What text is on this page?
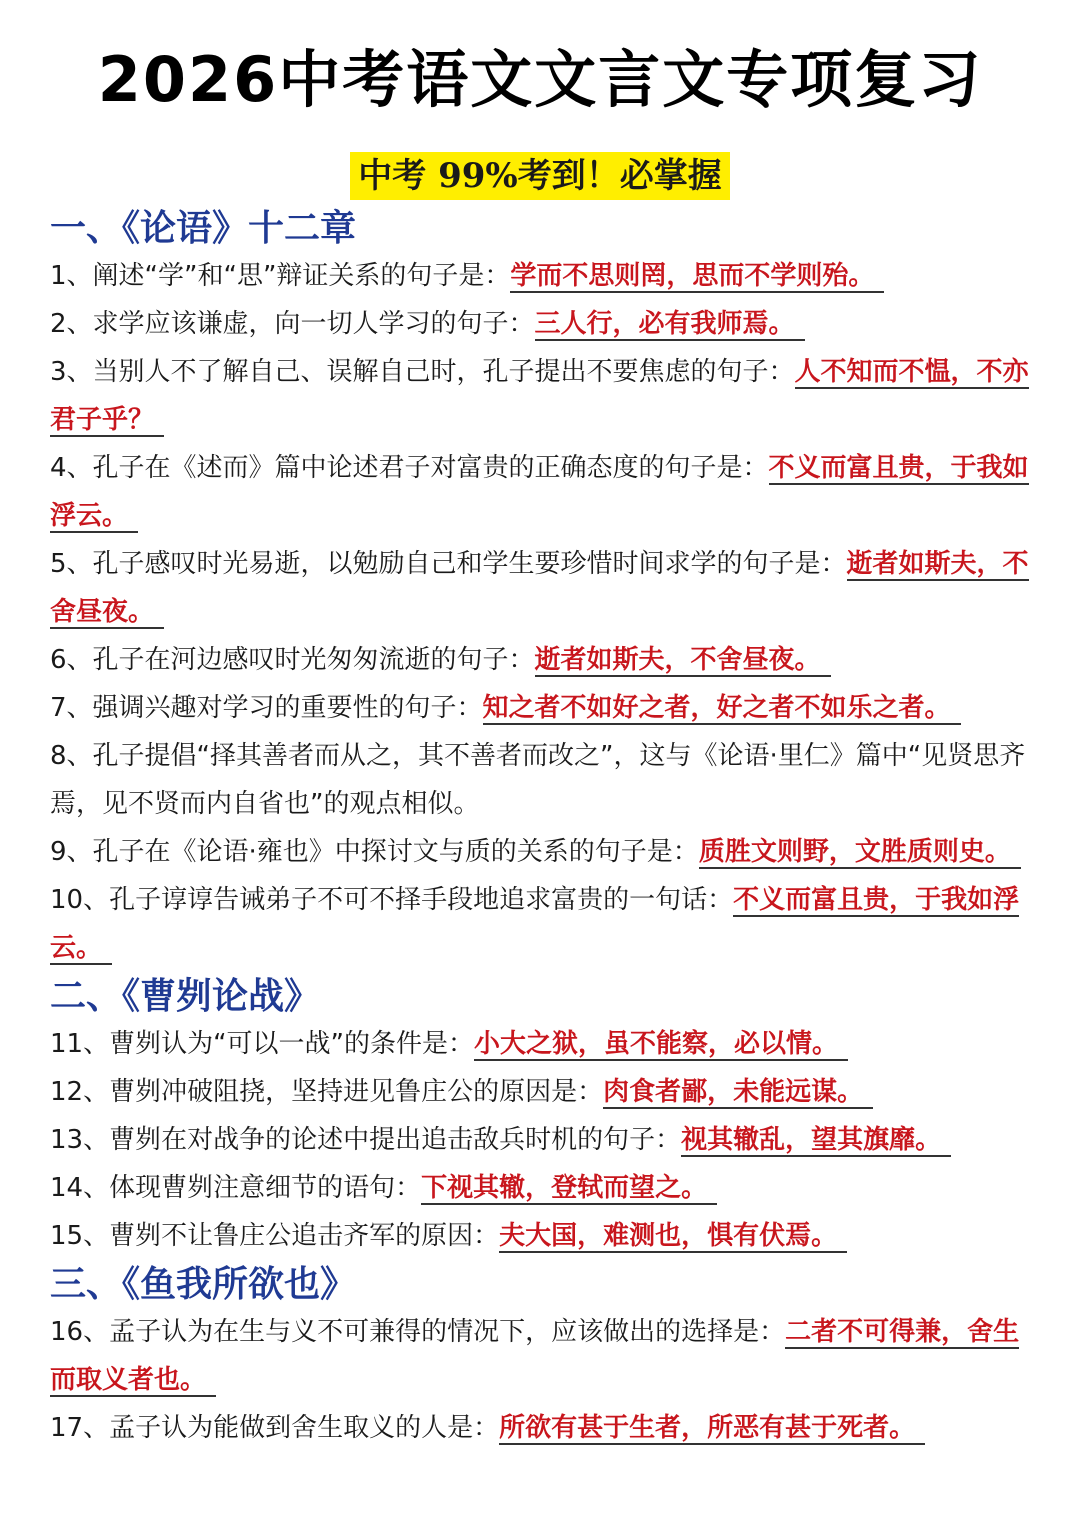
2026中考语文文言文专项复习
中考 99%考到！必掌握
一、《论语》十二章

1、阐述“学”和“思”辩证关系的句子是：学而不思则罔，思而不学则殆。

2、求学应该谦虚，向一切人学习的句子：三人行，必有我师焉。

3、当别人不了解自己、误解自己时，孔子提出不要焦虑的句子：人不知而不愠，不亦君子乎？

4、孔子在《述而》篇中论述君子对富贵的正确态度的句子是：不义而富且贵，于我如浮云。

5、孔子感叹时光易逝，以勉励自己和学生要珍惜时间求学的句子是：逝者如斯夫，不舍昼夜。

6、孔子在河边感叹时光匆匆流逝的句子：逝者如斯夫，不舍昼夜。

7、强调兴趣对学习的重要性的句子：知之者不如好之者，好之者不如乐之者。

8、孔子提倡“择其善者而从之，其不善者而改之”，这与《论语·里仁》篇中“见贤思齐焉，见不贤而内自省也”的观点相似。

9、孔子在《论语·雍也》中探讨文与质的关系的句子是：质胜文则野，文胜质则史。

10、孔子谆谆告诫弟子不可不择手段地追求富贵的一句话：不义而富且贵，于我如浮云。

二、《曹刿论战》

11、曹刿认为“可以一战”的条件是：小大之狱，虽不能察，必以情。

12、曹刿冲破阻挠，坚持进见鲁庄公的原因是：肉食者鄙，未能远谋。

13、曹刿在对战争的论述中提出追击敌兵时机的句子：视其辙乱，望其旗靡。

14、体现曹刿注意细节的语句：下视其辙，登轼而望之。

15、曹刿不让鲁庄公追击齐军的原因：夫大国，难测也，惧有伏焉。

三、《鱼我所欲也》

16、孟子认为在生与义不可兼得的情况下，应该做出的选择是：二者不可得兼，舍生而取义者也。

17、孟子认为能做到舍生取义的人是：所欲有甚于生者，所恶有甚于死者。
